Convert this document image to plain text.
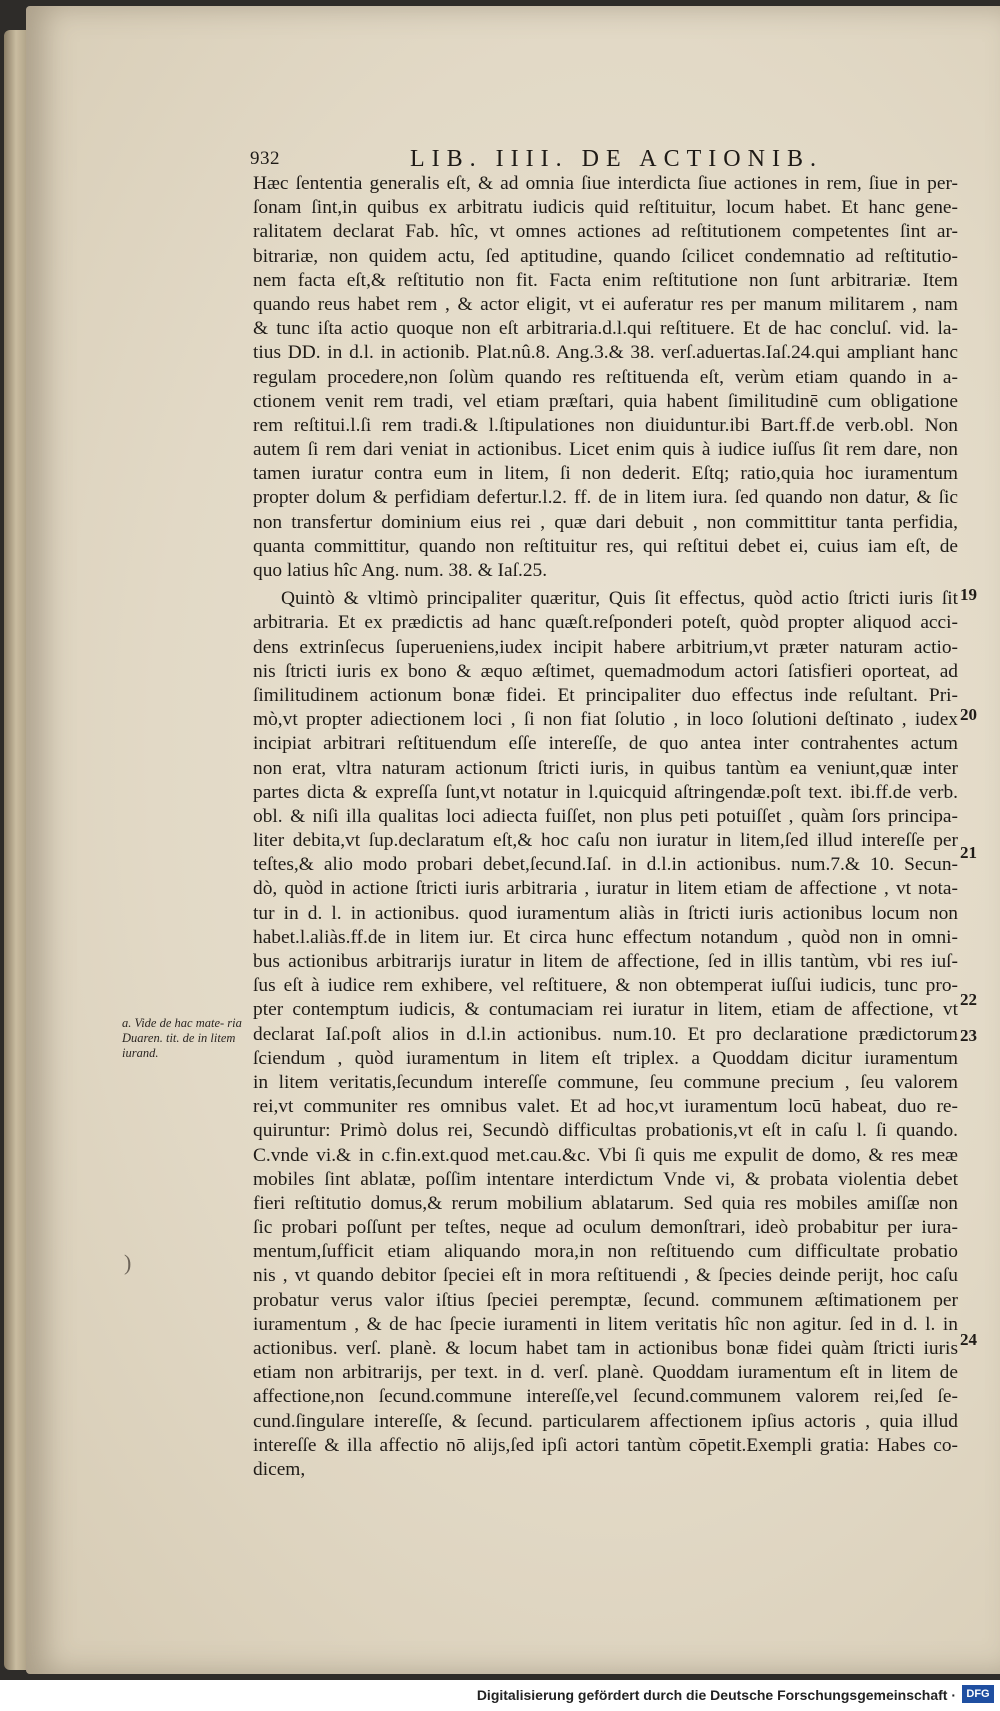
932	LIB. IIII. DE ACTIONIB.
Hæc ſententia generalis eſt, & ad omnia ſiue interdicta ſiue actiones in rem, ſiue in per-
ſonam ſint,in quibus ex arbitratu iudicis quid reſtituitur, locum habet. Et hanc gene-
ralitatem declarat Fab. hîc, vt omnes actiones ad reſtitutionem competentes ſint ar-
bitrariæ, non quidem actu, ſed aptitudine, quando ſcilicet condemnatio ad reſtitutio-
nem facta eſt,& reſtitutio non fit. Facta enim reſtitutione non ſunt arbitrariæ. Item
quando reus habet rem , & actor eligit, vt ei auferatur res per manum militarem , nam
& tunc iſta actio quoque non eſt arbitraria.d.l.qui reſtituere. Et de hac concluſ. vid. la-
tius DD. in d.l. in actionib. Plat.nû.8. Ang.3.& 38. verſ.aduertas.Iaſ.24.qui ampliant hanc
regulam procedere,non ſolùm quando res reſtituenda eſt, verùm etiam quando in a-
ctionem venit rem tradi, vel etiam præſtari, quia habent ſimilitudinē cum obligatione
rem reſtitui.l.ſi rem tradi.& l.ſtipulationes non diuiduntur.ibi Bart.ff.de verb.obl. Non
autem ſi rem dari veniat in actionibus. Licet enim quis à iudice iuſſus ſit rem dare, non
tamen iuratur contra eum in litem, ſi non dederit. Eſtq; ratio,quia hoc iuramentum
propter dolum & perfidiam defertur.l.2. ff. de in litem iura. ſed quando non datur, & ſic
non transfertur dominium eius rei , quæ dari debuit , non committitur tanta perfidia,
quanta committitur, quando non reſtituitur res, qui reſtitui debet ei, cuius iam eſt, de
quo latius hîc Ang. num. 38. & Iaſ.25.
Quintò & vltimò principaliter quæritur, Quis ſit effectus, quòd actio ſtricti iuris ſit
arbitraria. Et ex prædictis ad hanc quæſt.reſponderi poteſt, quòd propter aliquod acci-
dens extrinſecus ſuperueniens,iudex incipit habere arbitrium,vt præter naturam actio-
nis ſtricti iuris ex bono & æquo æſtimet, quemadmodum actori ſatisfieri oporteat, ad
ſimilitudinem actionum bonæ fidei. Et principaliter duo effectus inde reſultant. Pri-
mò,vt propter adiectionem loci , ſi non fiat ſolutio , in loco ſolutioni deſtinato , iudex
incipiat arbitrari reſtituendum eſſe intereſſe, de quo antea inter contrahentes actum
non erat, vltra naturam actionum ſtricti iuris, in quibus tantùm ea veniunt,quæ inter
partes dicta & expreſſa ſunt,vt notatur in l.quicquid aſtringendæ.poſt text. ibi.ff.de verb.
obl. & niſi illa qualitas loci adiecta fuiſſet, non plus peti potuiſſet , quàm ſors principa-
liter debita,vt ſup.declaratum eſt,& hoc caſu non iuratur in litem,ſed illud intereſſe per
teſtes,& alio modo probari debet,ſecund.Iaſ. in d.l.in actionibus. num.7.& 10. Secun-
dò, quòd in actione ſtricti iuris arbitraria , iuratur in litem etiam de affectione , vt nota-
tur in d. l. in actionibus. quod iuramentum aliàs in ſtricti iuris actionibus locum non
habet.l.aliàs.ff.de in litem iur. Et circa hunc effectum notandum , quòd non in omni-
bus actionibus arbitrarijs iuratur in litem de affectione, ſed in illis tantùm, vbi res iuſ-
ſus eſt à iudice rem exhibere, vel reſtituere, & non obtemperat iuſſui iudicis, tunc pro-
pter contemptum iudicis, & contumaciam rei iuratur in litem, etiam de affectione, vt
declarat Iaſ.poſt alios in d.l.in actionibus. num.10. Et pro declaratione prædictorum
ſciendum , quòd iuramentum in litem eſt triplex. a Quoddam dicitur iuramentum
in litem veritatis,ſecundum intereſſe commune, ſeu commune precium , ſeu valorem
rei,vt communiter res omnibus valet. Et ad hoc,vt iuramentum locū habeat, duo re-
quiruntur: Primò dolus rei, Secundò difficultas probationis,vt eſt in caſu l. ſi quando.
C.vnde vi.& in c.fin.ext.quod met.cau.&c. Vbi ſi quis me expulit de domo, & res meæ
mobiles ſint ablatæ, poſſim intentare interdictum Vnde vi, & probata violentia debet
fieri reſtitutio domus,& rerum mobilium ablatarum. Sed quia res mobiles amiſſæ non
ſic probari poſſunt per teſtes, neque ad oculum demonſtrari, ideò probabitur per iura-
mentum,ſufficit etiam aliquando mora,in non reſtituendo cum difficultate probatio
nis , vt quando debitor ſpeciei eſt in mora reſtituendi , & ſpecies deinde perijt, hoc caſu
probatur verus valor iſtius ſpeciei peremptæ, ſecund. communem æſtimationem per
iuramentum , & de hac ſpecie iuramenti in litem veritatis hîc non agitur. ſed in d. l. in
actionibus. verſ. planè. & locum habet tam in actionibus bonæ fidei quàm ſtricti iuris
etiam non arbitrarijs, per text. in d. verſ. planè. Quoddam iuramentum eſt in litem de
affectione,non ſecund.commune intereſſe,vel ſecund.communem valorem rei,ſed ſe-
cund.ſingulare intereſſe, & ſecund. particularem affectionem ipſius actoris , quia illud
intereſſe & illa affectio nō alijs,ſed ipſi actori tantùm cōpetit.Exempli gratia: Habes co-
dicem,
19
20
21
22
23
24
a. Vide de hac mate- ria Duaren. tit. de in litem iurand.
)
Digitalisierung gefördert durch die Deutsche Forschungsgemeinschaft · DFG
